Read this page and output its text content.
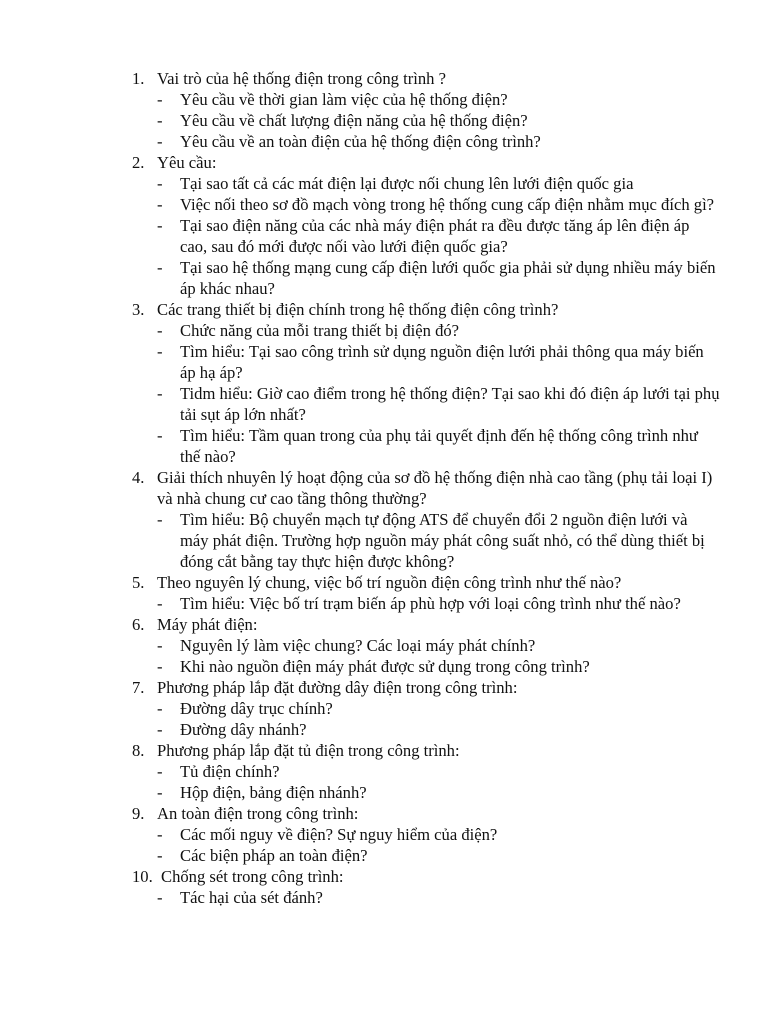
1. Vai trò của hệ thống điện trong công trình ?
- Yêu cầu về thời gian làm việc của hệ thống điện?
- Yêu cầu về chất lượng điện năng của hệ thống điện?
- Yêu cầu về an toàn điện của hệ thống điện công trình?
2. Yêu cầu:
- Tại sao tất cả các mát điện lại được nối chung lên lưới điện quốc gia
- Việc nối theo sơ đồ mạch vòng trong hệ thống cung cấp điện nhằm mục đích gì?
- Tại sao điện năng của các nhà máy điện phát ra đều được tăng áp lên điện áp cao, sau đó mới được nối vào lưới điện quốc gia?
- Tại sao hệ thống mạng cung cấp điện lưới quốc gia phải sử dụng nhiều máy biến áp khác nhau?
3. Các trang thiết bị điện chính trong hệ thống điện công trình?
- Chức năng của mỗi trang thiết bị điện đó?
- Tìm hiểu: Tại sao công trình sử dụng nguồn điện lưới phải thông qua máy biến áp hạ áp?
- Tidm hiểu: Giờ cao điểm trong hệ thống điện? Tại sao khi đó điện áp lưới tại phụ tải sụt áp lớn nhất?
- Tìm hiểu: Tầm quan trong của phụ tải quyết định đến hệ thống công trình như thế nào?
4. Giải thích nhuyên lý hoạt động của sơ đồ hệ thống điện nhà cao tầng (phụ tải loại I) và nhà chung cư cao tầng thông thường?
- Tìm hiểu: Bộ chuyển mạch tự động ATS để chuyển đổi 2 nguồn điện lưới và máy phát điện. Trường hợp nguồn máy phát công suất nhỏ, có thể dùng thiết bị đóng cắt bằng tay thực hiện được không?
5. Theo nguyên lý chung, việc bố trí nguồn điện công trình như thế nào?
- Tìm hiểu: Việc bố trí trạm biến áp phù hợp với loại công trình như thế nào?
6. Máy phát điện:
- Nguyên lý làm việc chung? Các loại máy phát chính?
- Khi nào nguồn điện máy phát được sử dụng trong công trình?
7. Phương pháp lắp đặt đường dây điện trong công trình:
- Đường dây trục chính?
- Đường dây nhánh?
8. Phương pháp lắp đặt tủ điện trong công trình:
- Tủ điện chính?
- Hộp điện, bảng điện nhánh?
9. An toàn điện trong công trình:
- Các mối nguy về điện? Sự nguy hiểm của điện?
- Các biện pháp an toàn điện?
10. Chống sét trong công trình:
- Tác hại của sét đánh?
